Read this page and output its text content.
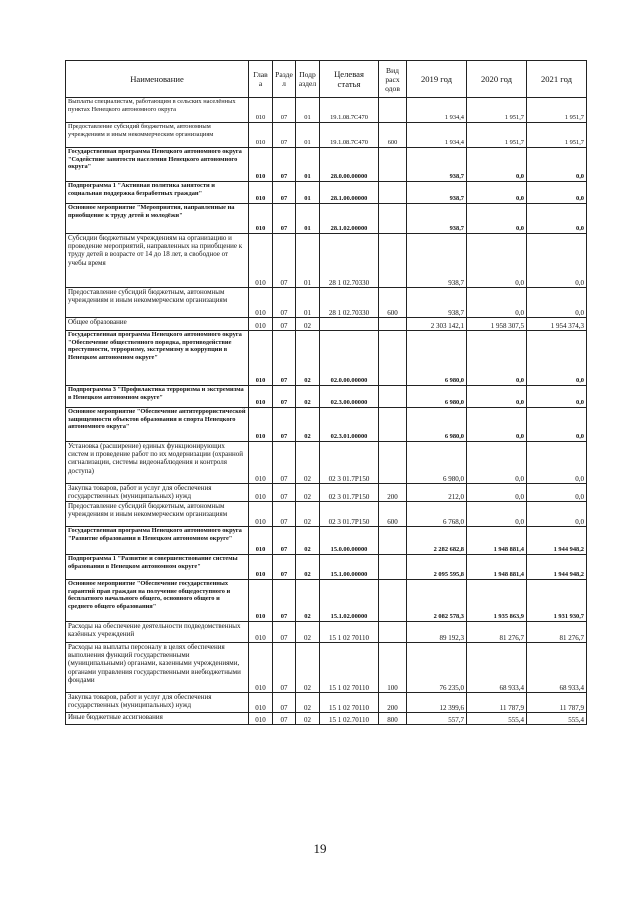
Наименование	Глав а	Разде л	Подр аздел	Целевая статья	Вид расх одов	2019 год	2020 год	2021 год
Выплаты специалистам, работающим в сельских населённых пунктах Ненецкого автономного округа	010	07	01	19.1.08.7С470		1 934,4	1 951,7	1 951,7
Предоставление субсидий бюджетным, автономным учреждениям и иным некоммерческим организациям	010	07	01	19.1.08.7С470	600	1 934,4	1 951,7	1 951,7
Государственная программа Ненецкого автономного округа "Содействие занятости населения Ненецкого автономного округа"	010	07	01	28.0.00.00000		938,7	0,0	0,0
Подпрограмма 1 "Активная политика занятости и социальная поддержка безработных граждан"	010	07	01	28.1.00.00000		938,7	0,0	0,0
Основное мероприятие "Мероприятия, направленные на приобщение к труду детей и молодёжи"	010	07	01	28.1.02.00000		938,7	0,0	0,0
Субсидии бюджетным учреждениям на организацию и проведение мероприятий, направленных на приобщение к труду детей в возрасте от 14 до 18 лет, в свободное от учебы время	010	07	01	28 1 02.70330		938,7	0,0	0,0
Предоставление субсидий бюджетным, автономным учреждениям и иным некоммерческим организациям	010	07	01	28 1 02.70330	600	938,7	0,0	0,0
Общее образование	010	07	02			2 303 142,1	1 958 307,5	1 954 374,3
Государственная программа Ненецкого автономного округа "Обеспечение общественного порядка, противодействие преступности, терроризму, экстремизму и коррупции в Ненецком автономном округе"	010	07	02	02.0.00.00000		6 980,0	0,0	0,0
Подпрограмма 3 "Профилактика терроризма и экстремизма в Ненецком автономном округе"	010	07	02	02.3.00.00000		6 980,0	0,0	0,0
Основное мероприятие "Обеспечение антитеррористической защищенности объектов образования и спорта Ненецкого автономного округа"	010	07	02	02.3.01.00000		6 980,0	0,0	0,0
Установка (расширение) единых функционирующих систем и проведение работ по их модернизации (охранной сигнализации, системы видеонаблюдения и контроля доступа)	010	07	02	02 3 01.7Р150		6 980,0	0,0	0,0
Закупка товаров, работ и услуг для обеспечения государственных (муниципальных) нужд	010	07	02	02 3 01.7Р150	200	212,0	0,0	0,0
Предоставление субсидий бюджетным, автономным учреждениям и иным некоммерческим организациям	010	07	02	02 3 01.7Р150	600	6 768,0	0,0	0,0
Государственная программа Ненецкого автономного округа "Развитие образования в Ненецком автономном округе"	010	07	02	15.0.00.00000		2 282 682,8	1 948 881,4	1 944 948,2
Подпрограмма 1 "Развитие и совершенствование системы образования в Ненецком автономном округе"	010	07	02	15.1.00.00000		2 095 595,8	1 948 881,4	1 944 948,2
Основное мероприятие "Обеспечение государственных гарантий прав граждан на получение общедоступного и бесплатного начального общего, основного общего и среднего общего образования"	010	07	02	15.1.02.00000		2 082 578,3	1 935 863,9	1 931 930,7
Расходы на обеспечение деятельности подведомственных казённых учреждений	010	07	02	15 1 02 70110		89 192,3	81 276,7	81 276,7
Расходы на выплаты персоналу в целях обеспечения выполнения функций государственными (муниципальными) органами, казенными учреждениями, органами управления государственными внебюджетными фондами	010	07	02	15 1 02 70110	100	76 235,0	68 933,4	68 933,4
Закупка товаров, работ и услуг для обеспечения государственных (муниципальных) нужд	010	07	02	15 1 02 70110	200	12 399,6	11 787,9	11 787,9
Иные бюджетные ассигнования	010	07	02	15 1 02.70110	800	557,7	555,4	555,4
19
